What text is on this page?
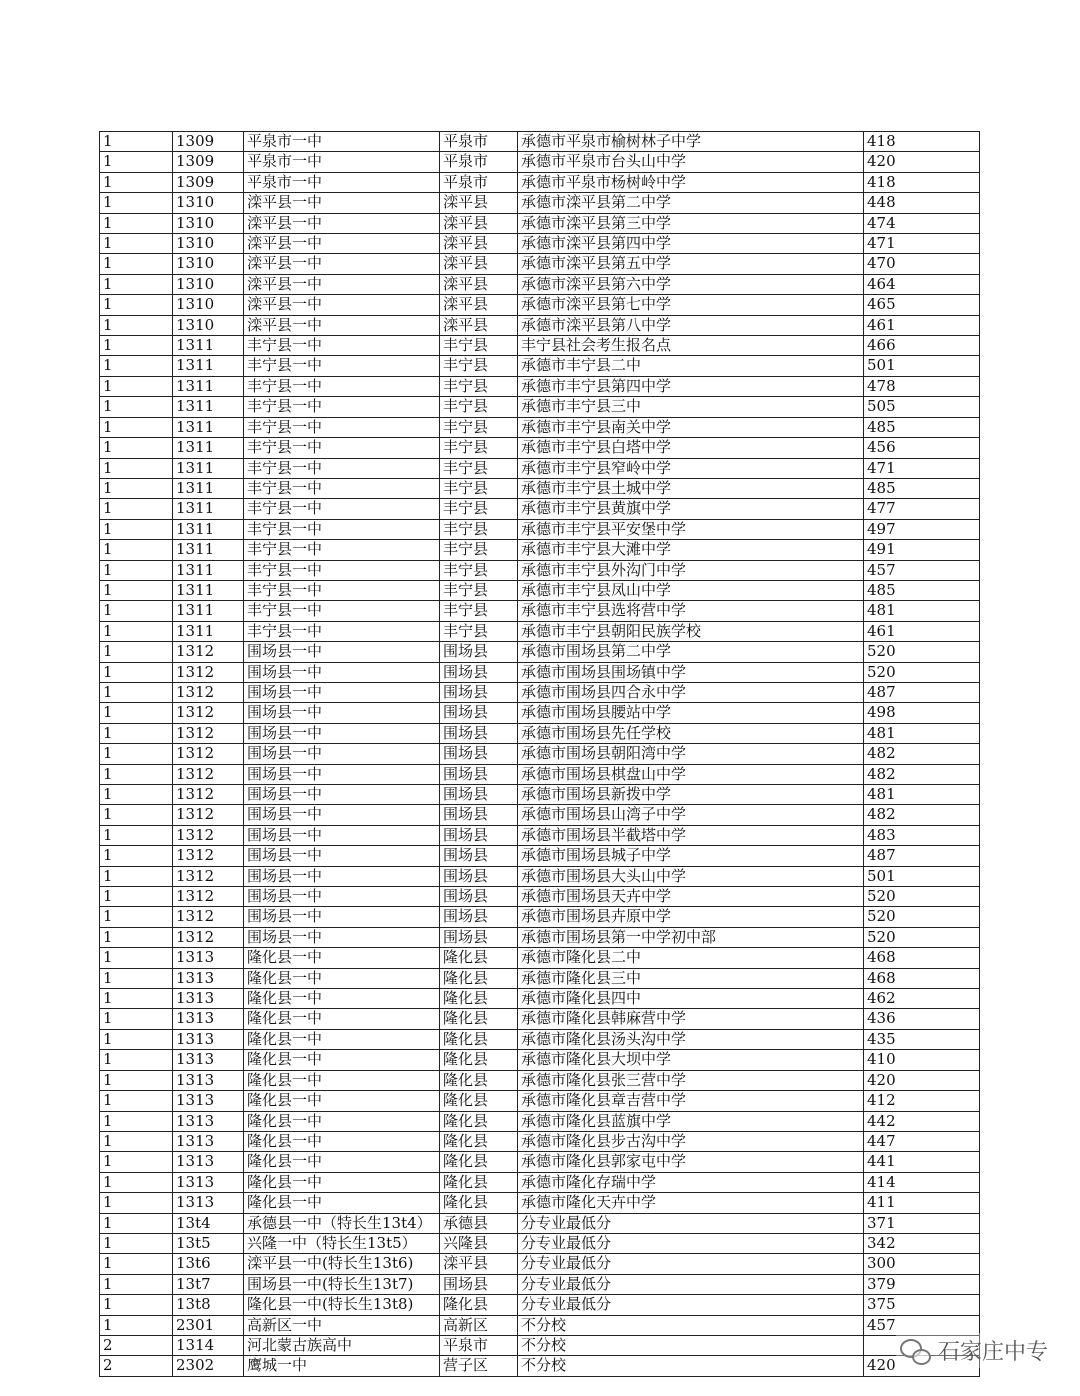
1	1309	平泉市一中	平泉市	承德市平泉市榆树林子中学	418
1	1309	平泉市一中	平泉市	承德市平泉市台头山中学	420
1	1309	平泉市一中	平泉市	承德市平泉市杨树岭中学	418
1	1310	滦平县一中	滦平县	承德市滦平县第二中学	448
1	1310	滦平县一中	滦平县	承德市滦平县第三中学	474
1	1310	滦平县一中	滦平县	承德市滦平县第四中学	471
1	1310	滦平县一中	滦平县	承德市滦平县第五中学	470
1	1310	滦平县一中	滦平县	承德市滦平县第六中学	464
1	1310	滦平县一中	滦平县	承德市滦平县第七中学	465
1	1310	滦平县一中	滦平县	承德市滦平县第八中学	461
1	1311	丰宁县一中	丰宁县	丰宁县社会考生报名点	466
1	1311	丰宁县一中	丰宁县	承德市丰宁县二中	501
1	1311	丰宁县一中	丰宁县	承德市丰宁县第四中学	478
1	1311	丰宁县一中	丰宁县	承德市丰宁县三中	505
1	1311	丰宁县一中	丰宁县	承德市丰宁县南关中学	485
1	1311	丰宁县一中	丰宁县	承德市丰宁县白塔中学	456
1	1311	丰宁县一中	丰宁县	承德市丰宁县窄岭中学	471
1	1311	丰宁县一中	丰宁县	承德市丰宁县土城中学	485
1	1311	丰宁县一中	丰宁县	承德市丰宁县黄旗中学	477
1	1311	丰宁县一中	丰宁县	承德市丰宁县平安堡中学	497
1	1311	丰宁县一中	丰宁县	承德市丰宁县大滩中学	491
1	1311	丰宁县一中	丰宁县	承德市丰宁县外沟门中学	457
1	1311	丰宁县一中	丰宁县	承德市丰宁县凤山中学	485
1	1311	丰宁县一中	丰宁县	承德市丰宁县选将营中学	481
1	1311	丰宁县一中	丰宁县	承德市丰宁县朝阳民族学校	461
1	1312	围场县一中	围场县	承德市围场县第二中学	520
1	1312	围场县一中	围场县	承德市围场县围场镇中学	520
1	1312	围场县一中	围场县	承德市围场县四合永中学	487
1	1312	围场县一中	围场县	承德市围场县腰站中学	498
1	1312	围场县一中	围场县	承德市围场县先任学校	481
1	1312	围场县一中	围场县	承德市围场县朝阳湾中学	482
1	1312	围场县一中	围场县	承德市围场县棋盘山中学	482
1	1312	围场县一中	围场县	承德市围场县新拨中学	481
1	1312	围场县一中	围场县	承德市围场县山湾子中学	482
1	1312	围场县一中	围场县	承德市围场县半截塔中学	483
1	1312	围场县一中	围场县	承德市围场县城子中学	487
1	1312	围场县一中	围场县	承德市围场县大头山中学	501
1	1312	围场县一中	围场县	承德市围场县天卉中学	520
1	1312	围场县一中	围场县	承德市围场县卉原中学	520
1	1312	围场县一中	围场县	承德市围场县第一中学初中部	520
1	1313	隆化县一中	隆化县	承德市隆化县二中	468
1	1313	隆化县一中	隆化县	承德市隆化县三中	468
1	1313	隆化县一中	隆化县	承德市隆化县四中	462
1	1313	隆化县一中	隆化县	承德市隆化县韩麻营中学	436
1	1313	隆化县一中	隆化县	承德市隆化县汤头沟中学	435
1	1313	隆化县一中	隆化县	承德市隆化县大坝中学	410
1	1313	隆化县一中	隆化县	承德市隆化县张三营中学	420
1	1313	隆化县一中	隆化县	承德市隆化县章吉营中学	412
1	1313	隆化县一中	隆化县	承德市隆化县蓝旗中学	442
1	1313	隆化县一中	隆化县	承德市隆化县步古沟中学	447
1	1313	隆化县一中	隆化县	承德市隆化县郭家屯中学	441
1	1313	隆化县一中	隆化县	承德市隆化存瑞中学	414
1	1313	隆化县一中	隆化县	承德市隆化天卉中学	411
1	13t4	承德县一中（特长生13t4）	承德县	分专业最低分	371
1	13t5	兴隆一中（特长生13t5）	兴隆县	分专业最低分	342
1	13t6	滦平县一中(特长生13t6)	滦平县	分专业最低分	300
1	13t7	围场县一中(特长生13t7)	围场县	分专业最低分	379
1	13t8	隆化县一中(特长生13t8)	隆化县	分专业最低分	375
1	2301	高新区一中	高新区	不分校	457
2	1314	河北蒙古族高中	平泉市	不分校	
2	2302	鹰城一中	营子区	不分校	420
石家庄中专
